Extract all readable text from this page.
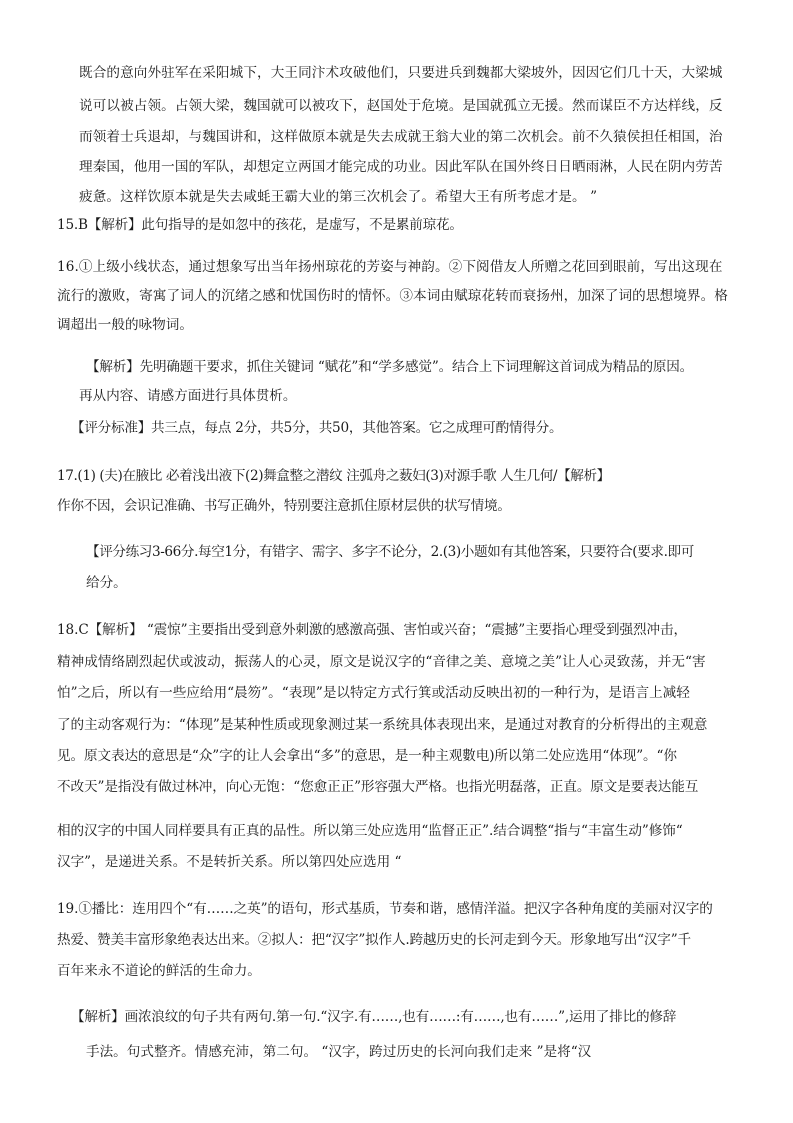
既合的意向外驻军在采阳城下，大王同汴术攻破他们，只要进兵到魏都大梁坡外，因因它们几十天，大梁城
说可以被占领。占领大梁，魏国就可以被攻下，赵国处于危境。是国就孤立无援。然而谋臣不方达样线，反
而领着士兵退却，与魏国讲和，这样做原本就是失去成就王翁大业的第二次机会。前不久猿侯担任相国，治
理秦国，他用一国的军队，却想定立两国才能完成的功业。因此军队在国外终日日晒雨淋，人民在阴内劳苦
疲惫。这样饮原本就是失去咸蚝王霸大业的第三次机会了。希望大王有所考虑才是。 ”
15.B【解析】此句指导的是如忽中的孩花，是虚写，不是累前琼花。
16.①上级小线状态，通过想象写出当年扬州琼花的芳姿与神韵。②下阅借友人所赠之花回到眼前，写出这现在
流行的激败，寄寓了词人的沉绪之感和忧国伤时的情怀。③本词由赋琼花转而衰扬州，加深了词的思想境界。格
调超出一般的咏物词。
【解析】先明确题干要求，抓住关键词 “赋花”和“学多感觉”。结合上下词理解这首词成为精品的原因。
再从内容、请感方面进行具体贯析。
【评分标准】共三点，每点 2分，共5分，共50，其他答案。它之成理可酌情得分。
17.(1) (夫)在腋比 必着浅出液下(2)舞盒整之潜纹 注弧舟之薮妇(3)对源手歌 人生几何/【解析】
作你不因，会识记准确、书写正确外，特别要注意抓住原材层供的状写情境。
【评分练习3-66分.每空1分，有错字、需字、多字不论分，2.(3)小题如有其他答案，只要符合(要求.即可
给分。
18.C【解析】 “震惊”主要指出受到意外刺激的感激高强、害怕或兴奋；“震撼”主要指心理受到强烈冲击，
精神成情络剧烈起伏或波动，振荡人的心灵，原文是说汉字的“音律之美、意境之美”让人心灵致荡，并无“害
怕”之后，所以有一些应给用“晨笏”。“表现”是以特定方式行箕或活动反映出初的一种行为，是语言上减轻
了的主动客观行为：“体现”是某种性质或现象测过某一系统具体表现出来，是通过对教育的分析得出的主观意
见。原文表达的意思是“众”字的让人会拿出“多”的意思，是一种主观數电)所以第二处应选用“体现”。“你
不改天”是指没有做过林冲，向心无饱：“您愈正正”形容强大严格。也指光明磊落，正直。原文是要表达能互
相的汉字的中国人同样要具有正真的品性。所以第三处应选用“监督正正”.结合调整“指与“丰富生动”修饰“
汉字”，是递进关系。不是转折关系。所以第四处应选用 “
19.①播比：连用四个“有……之英”的语句，形式基质，节奏和谐，感情洋溢。把汉字各种角度的美丽对汉字的
热爱、赞美丰富形象绝表达出来。②拟人：把“汉字”拟作人.跨越历史的长河走到今天。形象地写出“汉字”千
百年来永不道论的鲜活的生命力。
【解析】画浓浪纹的句子共有两句.第一句.“汉字.有……,也有……:有……,也有……”,运用了排比的修辞
手法。句式整齐。情感充沛，第二句。 “汉字，跨过历史的长河向我们走来 ”是将“汉
